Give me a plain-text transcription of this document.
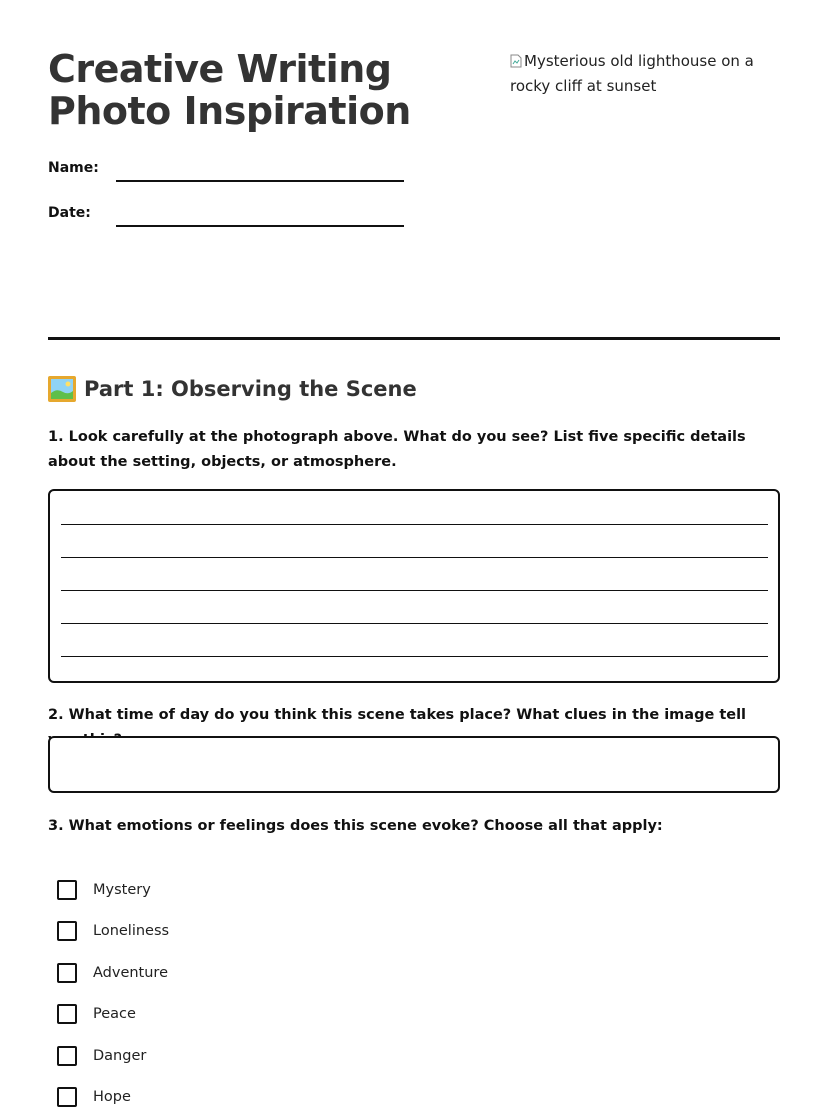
Creative Writing Photo Inspiration
Mysterious old lighthouse on a rocky cliff at sunset
Name:
Date:
Part 1: Observing the Scene
1. Look carefully at the photograph above. What do you see? List five specific details about the setting, objects, or atmosphere.
2. What time of day do you think this scene takes place? What clues in the image tell
3. What emotions or feelings does this scene evoke? Choose all that apply:
Mystery
Loneliness
Adventure
Peace
Danger
Hope
